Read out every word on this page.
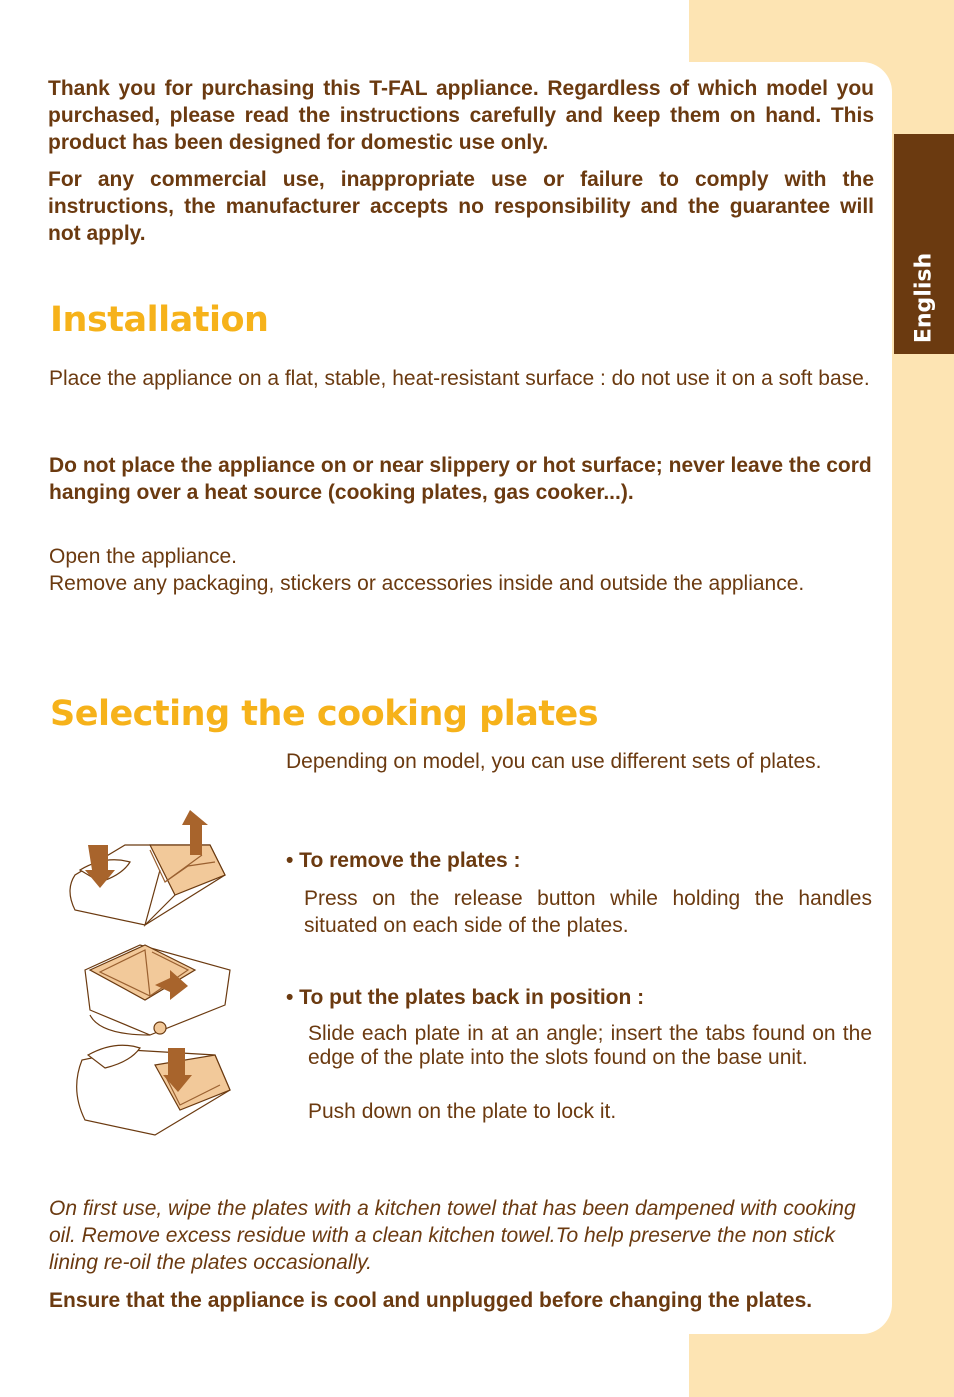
English

Thank you for purchasing this T-FAL appliance. Regardless of which model you purchased, please read the instructions carefully and keep them on hand. This product has been designed for domestic use only.

For any commercial use, inappropriate use or failure to comply with the instructions, the manufacturer accepts no responsibility and the guarantee will not apply.

Installation

Place the appliance on a flat, stable, heat-resistant surface : do not use it on a soft base.

Do not place the appliance on or near slippery or hot surface; never leave the cord hanging over a heat source (cooking plates, gas cooker...).

Open the appliance.

Remove any packaging, stickers or accessories inside and outside the appliance.

Selecting the cooking plates

Depending on model, you can use different sets of plates.

• To remove the plates :

Press on the release button while holding the handles situated on each side of the plates.

• To put the plates back in position :

Slide each plate in at an angle; insert the tabs found on the edge of the plate into the slots found on the base unit.

Push down on the plate to lock it.

On first use, wipe the plates with a kitchen towel that has been dampened with cooking oil. Remove excess residue with a clean kitchen towel.To help preserve the non stick lining re-oil the plates occasionally.

Ensure that the appliance is cool and unplugged before changing the plates.
